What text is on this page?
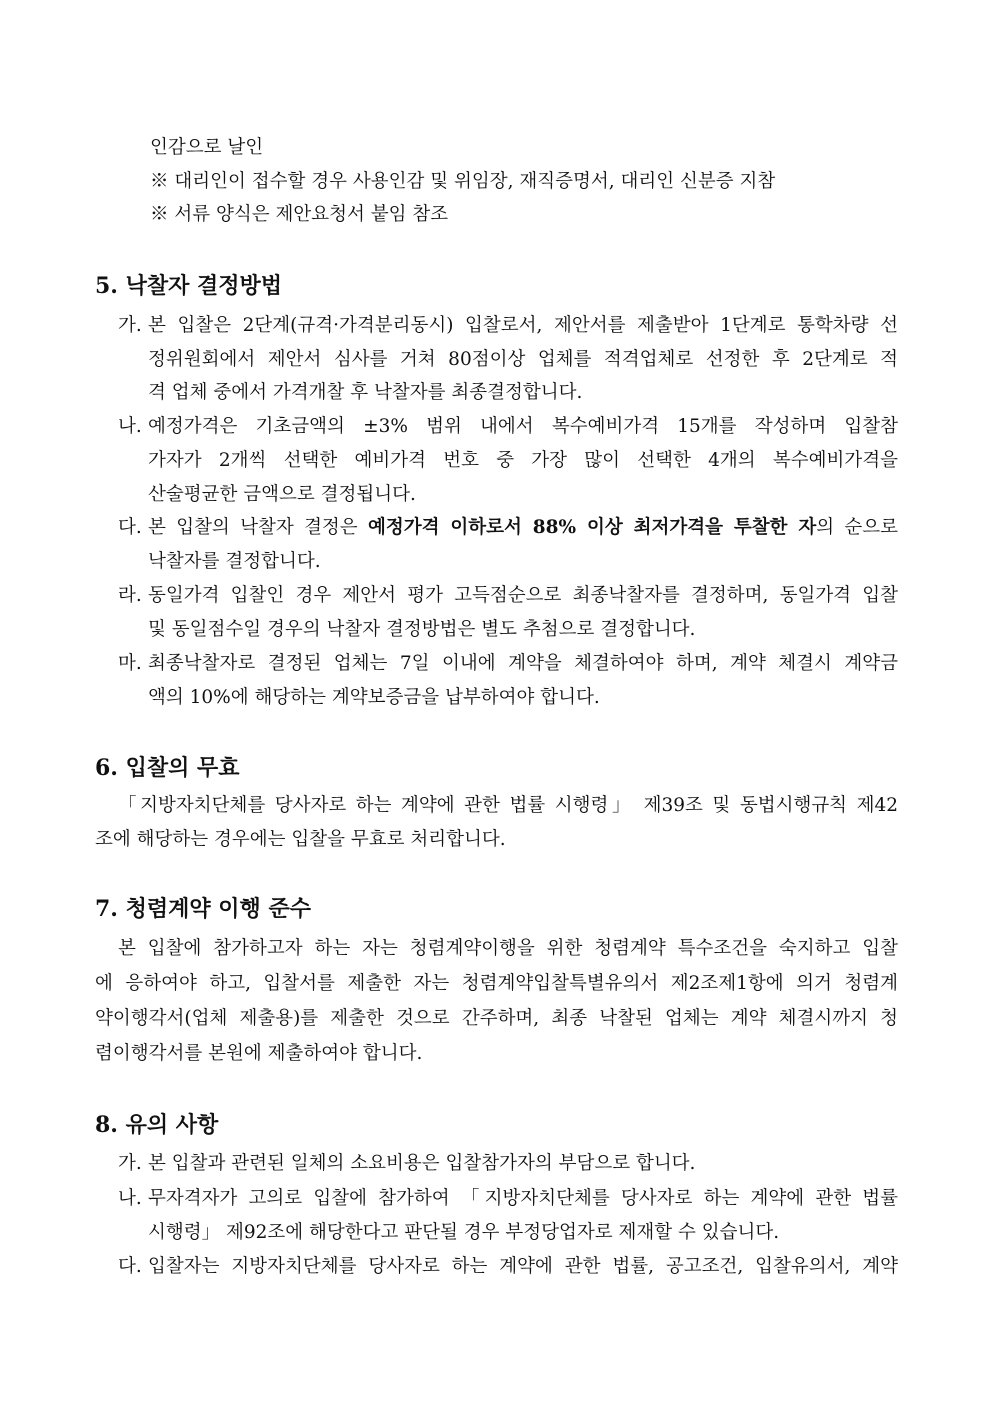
인감으로 날인
※ 대리인이 접수할 경우 사용인감 및 위임장, 재직증명서, 대리인 신분증 지참
※ 서류 양식은 제안요청서 붙임 참조
5. 낙찰자 결정방법
가. 본 입찰은 2단계(규격·가격분리동시) 입찰로서, 제안서를 제출받아 1단계로 통학차량 선
정위원회에서 제안서 심사를 거쳐 80점이상 업체를 적격업체로 선정한 후 2단계로 적
격 업체 중에서 가격개찰 후 낙찰자를 최종결정합니다.
나. 예정가격은 기초금액의 ±3% 범위 내에서 복수예비가격 15개를 작성하며 입찰참
가자가 2개씩 선택한 예비가격 번호 중 가장 많이 선택한 4개의 복수예비가격을
산술평균한 금액으로 결정됩니다.
다. 본 입찰의 낙찰자 결정은 예정가격 이하로서 88% 이상 최저가격을 투찰한 자의 순으로
낙찰자를 결정합니다.
라. 동일가격 입찰인 경우 제안서 평가 고득점순으로 최종낙찰자를 결정하며, 동일가격 입찰
및 동일점수일 경우의 낙찰자 결정방법은 별도 추첨으로 결정합니다.
마. 최종낙찰자로 결정된 업체는 7일 이내에 계약을 체결하여야 하며, 계약 체결시 계약금
액의 10%에 해당하는 계약보증금을 납부하여야 합니다.
6. 입찰의 무효
「지방자치단체를 당사자로 하는 계약에 관한 법률 시행령」 제39조 및 동법시행규칙 제42
조에 해당하는 경우에는 입찰을 무효로 처리합니다.
7. 청렴계약 이행 준수
본 입찰에 참가하고자 하는 자는 청렴계약이행을 위한 청렴계약 특수조건을 숙지하고 입찰
에 응하여야 하고, 입찰서를 제출한 자는 청렴계약입찰특별유의서 제2조제1항에 의거 청렴계
약이행각서(업체 제출용)를 제출한 것으로 간주하며, 최종 낙찰된 업체는 계약 체결시까지 청
렴이행각서를 본원에 제출하여야 합니다.
8. 유의 사항
가. 본 입찰과 관련된 일체의 소요비용은 입찰참가자의 부담으로 합니다.
나. 무자격자가 고의로 입찰에 참가하여 「지방자치단체를 당사자로 하는 계약에 관한 법률
시행령」 제92조에 해당한다고 판단될 경우 부정당업자로 제재할 수 있습니다.
다. 입찰자는 지방자치단체를 당사자로 하는 계약에 관한 법률, 공고조건, 입찰유의서, 계약
